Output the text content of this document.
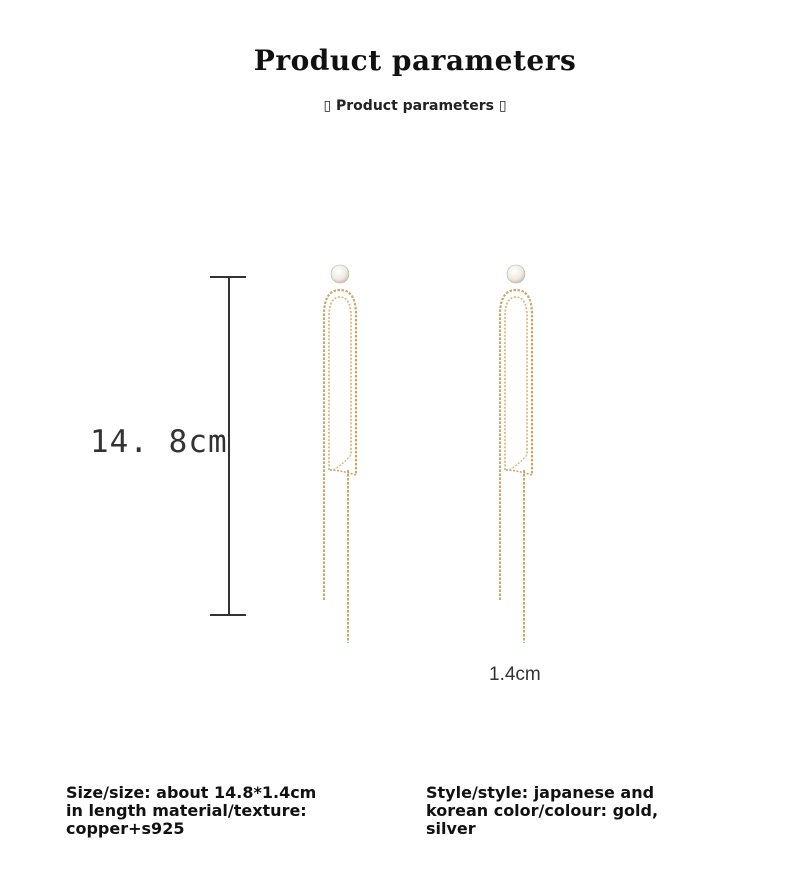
Product parameters
▯ Product parameters ▯
14. 8cm
1.4cm
Size/size: about 14.8*1.4cm
in length material/texture:
copper+s925
Style/style: japanese and
korean color/colour: gold,
silver
